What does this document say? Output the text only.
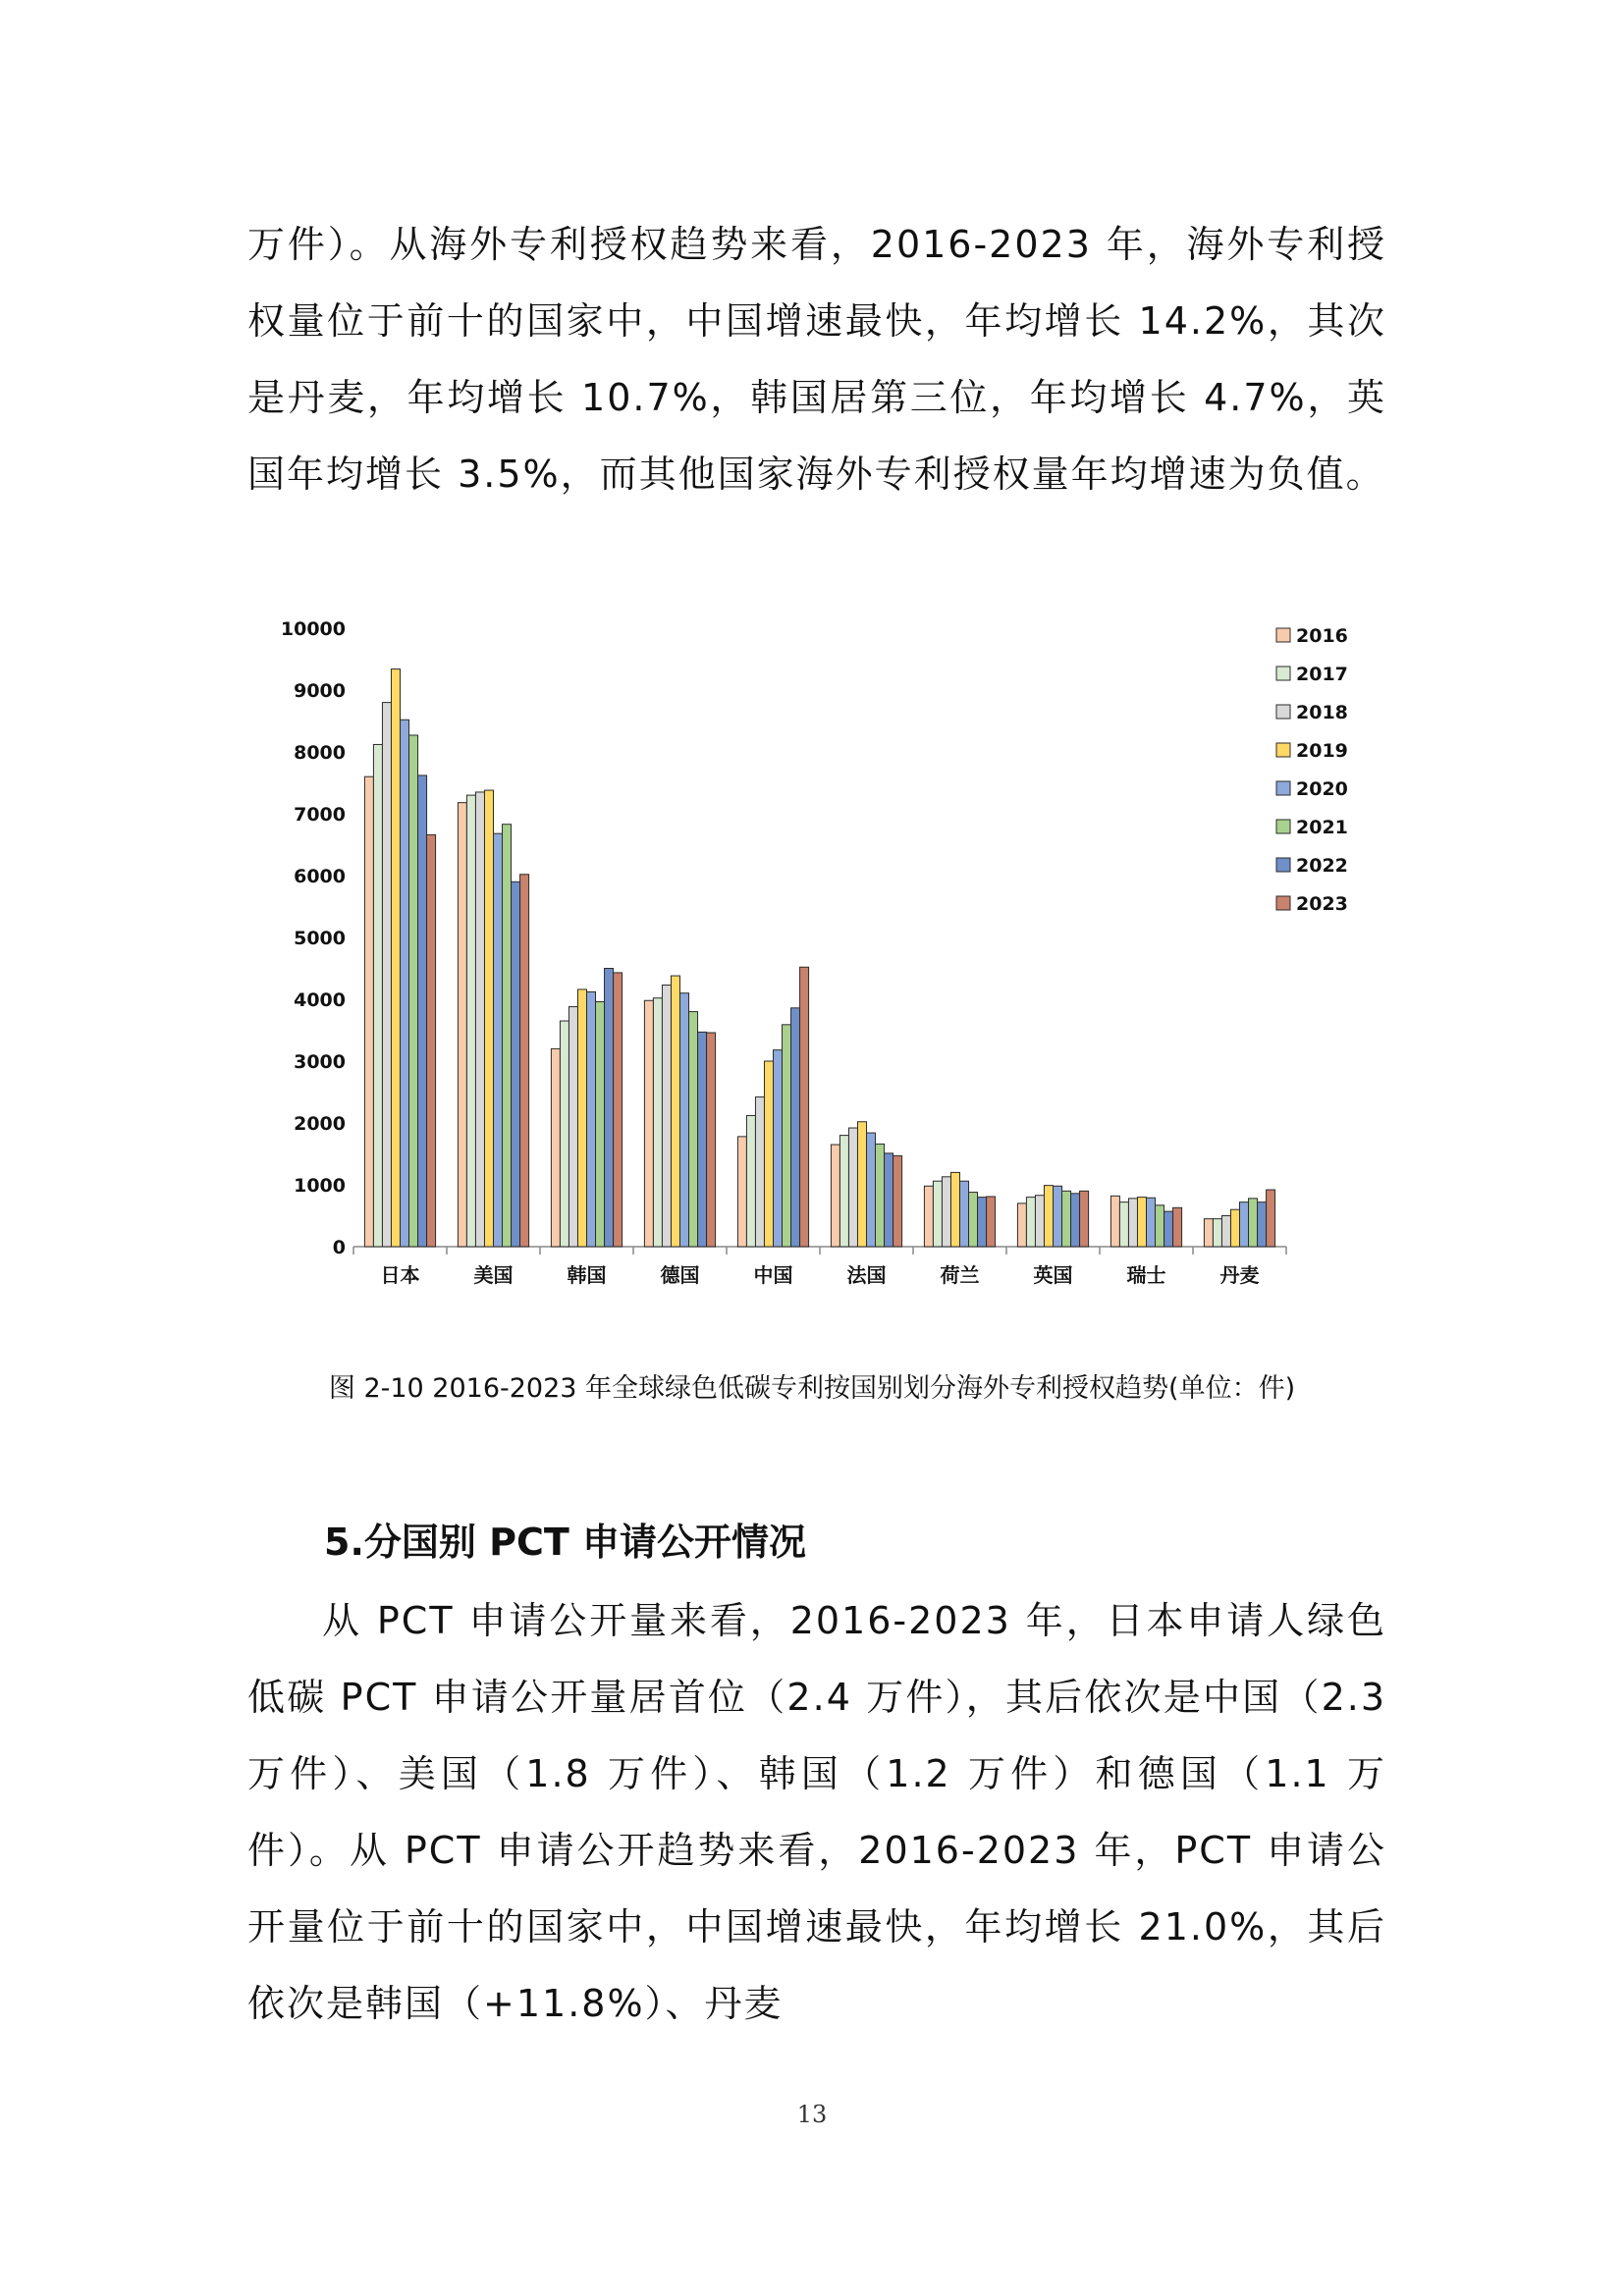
万件）。从海外专利授权趋势来看，2016-2023 年，海外专利授权量位于前十的国家中，中国增速最快，年均增长 14.2%，其次是丹麦，年均增长 10.7%，韩国居第三位，年均增长 4.7%，英国年均增长 3.5%，而其他国家海外专利授权量年均增速为负值。

0
1000
2000
3000
4000
5000
6000
7000
8000
9000
10000
日本	美国	韩国	德国	中国	法国	荷兰	英国	瑞士	丹麦
2016
2017
2018
2019
2020
2021
2022
2023
图 2-10 2016-2023 年全球绿色低碳专利按国别划分海外专利授权趋势(单位：件)
5.分国别 PCT 申请公开情况

从 PCT 申请公开量来看，2016-2023 年，日本申请人绿色低碳 PCT 申请公开量居首位（2.4 万件），其后依次是中国（2.3 万件）、美国（1.8 万件）、韩国（1.2 万件）和德国（1.1 万件）。从 PCT 申请公开趋势来看，2016-2023 年，PCT 申请公开量位于前十的国家中，中国增速最快，年均增长 21.0%，其后依次是韩国（+11.8%）、丹麦

13
